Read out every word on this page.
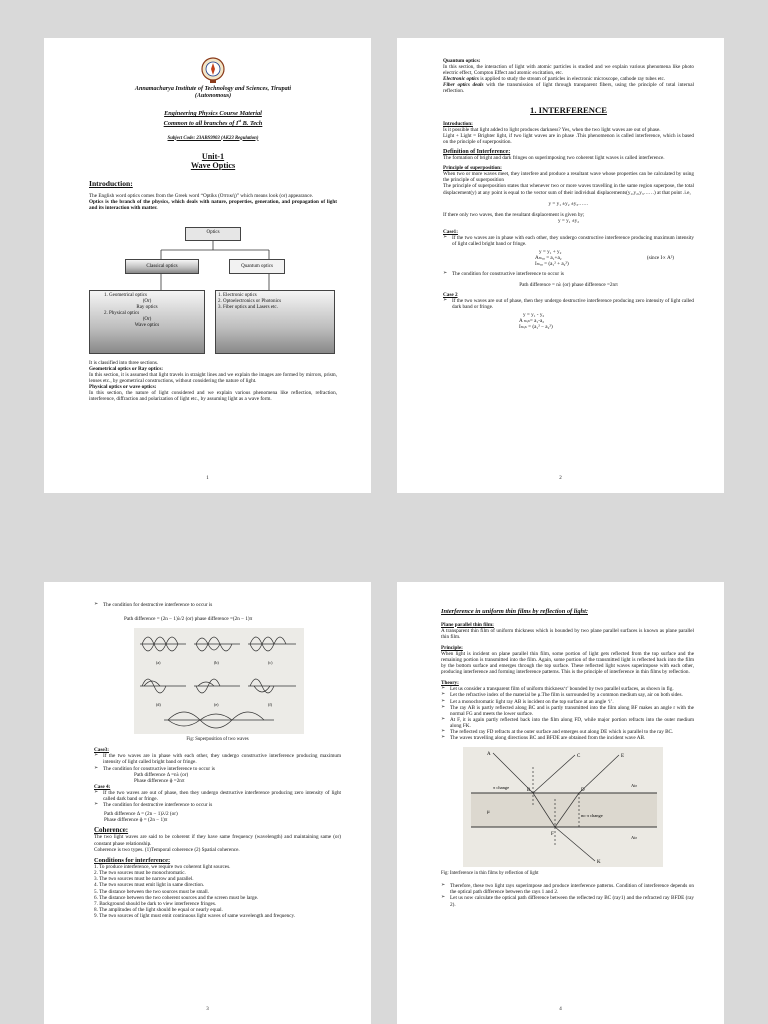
Annamacharya Institute of Technology and Sciences, Tirupati

(Autonomous)

Engineering Physics Course Material

Common to all branches of Ist B. Tech

Subject Code: 23ABS9903 (AK23 Regulation)

Unit-1

Wave Optics

Introduction:

The English word optics comes from the Greek word “Optiks (Οπτική)” which means look (or) appearance.

Optics is the branch of the physics, which deals with nature, properties, generation, and propagation of light and its interaction with matter.

Optics
Classical optics	Quantum optics
1. Geometrical optics
(Or)
Ray optics
2. Physical optics
(Or)
Wave optics
1. Electronic optics
2. Optoelectronics or Photonics
3. Fiber optics and Lasers etc.

It is classified into three sections.

Geometrical optics or Ray optics:

In this section, it is assumed that light travels in straight lines and we explain the images are formed by mirrors, prism, lenses etc., by geometrical constructions, without considering the nature of light.

Physical optics or wave optics:

In this section, the nature of light considered and we explain various phenomena like reflection, refraction, interference, diffraction and polarization of light etc., by assuming light as a wave form.

1

Quantum optics:

In this section, the interaction of light with atomic particles is studied and we explain various phenomena like photo electric effect, Compton Effect and atomic excitation, etc.

Electronic optics is applied to study the stream of particles in electronic microscope, cathode ray tubes etc.

Fiber optics deals with the transmission of light through transparent fibers, using the principle of total internal reflection.

1. INTERFERENCE

Introduction:

Is it possible that light added to light produces darkness? Yes, when the two light waves are out of phase.

Light + Light = Brighter light, if two light waves are in phase .This phenomenon is called interference, which is based on the principle of superposition.

Definition of Interference:

The formation of bright and dark fringes on superimposing two coherent light waves is called interference.

Principle of superposition:

When two or more waves meet, they interfere and produce a resultant wave whose properties can be calculated by using the principle of superposition

The principle of superposition states that whenever two or more waves travelling in the same region superpose, the total displacement(y) at any point is equal to the vector sum of their individual displacements(y₁,y₂,y₃……) at that point .i.e,

y = y₁ ±y₂ ±y₃……

If there only two waves, then the resultant displacement is given by;

y = y₁ ±y₂

Case1:

➢ If the two waves are in phase with each other, they undergo constructive interference producing maximum intensity of light called bright band or fringe.

y = y₁ + y₂

Aₘₐₓ = a₁+a₂	(since I∝ A²)

Iₘₐₓ = (a₁² + a₂²)

➢ The condition for constructive interference to occur is

Path difference = nλ (or) phase difference =2nπ

Case 2

➢ If the two waves are out of phase, then they undergo destructive interference producing zero intensity of light called dark band or fringe.

y = y₁ - y₂

A ₘᵢₙ= a₁-a₂

Iₘᵢₙ = (a₁² − a₂²)

2

➢ The condition for destructive interference to occur is

Path difference = (2n − 1)λ/2 (or) phase difference =(2n − 1)π

(a)	(b)	(c)
(d)	(e)	(f)

Fig: Superposition of two waves

Case3:

➢ If the two waves are in phase with each other, they undergo constructive interference producing maximum intensity of light called bright band or fringe.

➢ The condition for constructive interference to occur is

Path difference Δ =nλ (or)

Phase difference ɸ =2nπ

Case 4:

➢ If the two waves are out of phase, then they undergo destructive interference producing zero intensity of light called dark band or fringe.

➢ The condition for destructive interference to occur is

Path difference Δ = (2n − 1)λ/2 (or)

Phase difference ɸ = (2n − 1)π

Coherence:

The two light waves are said to be coherent if they have same frequency (wavelength) and maintaining same (or) constant phase relationship.

Coherence is two types. (1)Temporal coherence (2) Spatial coherence.

Conditions for interference:

1. To produce interference, we require two coherent light sources.

2. The two sources must be monochromatic.

3. The two sources must be narrow and parallel.

4. The two sources must emit light in same direction.

5. The distance between the two sources must be small.

6. The distance between the two coherent sources and the screen must be large.

7. Background should be dark to view interference fringes.

8. The amplitudes of the light should be equal or nearly equal.

9. The two sources of light must emit continuous light waves of same wavelength and frequency.

3

Interference in uniform thin films by reflection of light:

Plane parallel thin film:

A transparent thin film of uniform thickness which is bounded by two plane parallel surfaces is known as plane parallel thin film.

Principle:

When light is incident on plane parallel thin film, some portion of light gets reflected from the top surface and the remaining portion is transmitted into the film. Again, some portion of the transmitted light is reflected back into the film by the bottom surface and emerges through the top surface. These reflected light waves superimpose with each other, producing interference and forming interference patterns. This is the principle of interference in thin films by reflection.

Theory:

➢ Let us consider a transparent film of uniform thickness‘t’ bounded by two parallel surfaces, as shown in fig.

➢ Let the refractive index of the material be μ.The film is surrounded by a common medium say, air on both sides.

➢ Let a monochromatic light ray AB is incident on the top surface at an angle ‘i’.

➢ The ray AB is partly reflected along BC and is partly transmitted into the film along BF makes an angle r with the normal FG and meets the lower surface.

➢ At F, it is again partly reflected back into the film along FD, while major portion refracts into the outer medium along FK.

➢ The reflected ray FD refracts at the outer surface and emerges out along DE which is parallel to the ray BC.

➢ The waves travelling along directions BC and BFDE are obtained from the incident wave AB.

A
B
C
D
E
F
K
π change
no π change
Air
Air
μ

Fig: Interference in thin films by reflection of light

➢ Therefore, these two light rays superimpose and produce interference patterns. Condition of interference depends on the optical path difference between the rays 1 and 2.

➢ Let us now calculate the optical path difference between the reflected ray BC (ray1) and the refracted ray BFDE (ray 2).

4
